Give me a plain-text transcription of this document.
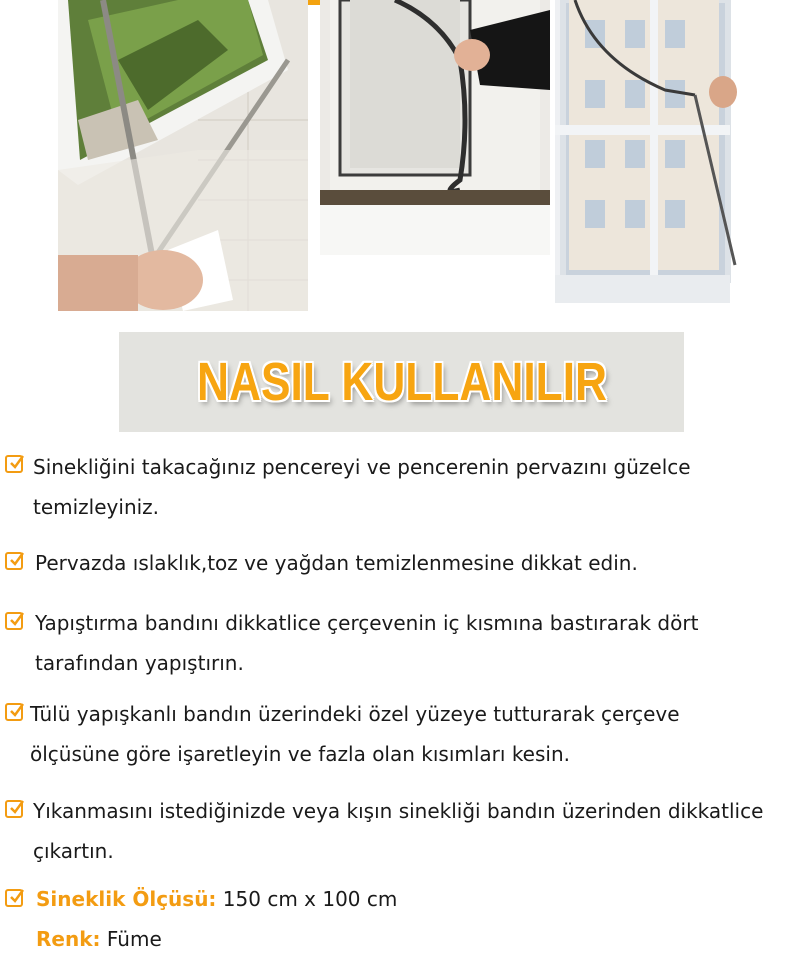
NASIL KULLANILIR
Sinekliğini takacağınız pencereyi ve pencerenin pervazını güzelce
temizleyiniz.
Pervazda ıslaklık,toz ve yağdan temizlenmesine dikkat edin.
Yapıştırma bandını dikkatlice çerçevenin iç kısmına bastırarak dört
tarafından yapıştırın.
Tülü yapışkanlı bandın üzerindeki özel yüzeye tutturarak çerçeve
ölçüsüne göre işaretleyin ve fazla olan kısımları kesin.
Yıkanmasını istediğinizde veya kışın sinekliği bandın üzerinden dikkatlice
çıkartın.
Sineklik Ölçüsü: 150 cm x 100 cm
Renk: Füme
